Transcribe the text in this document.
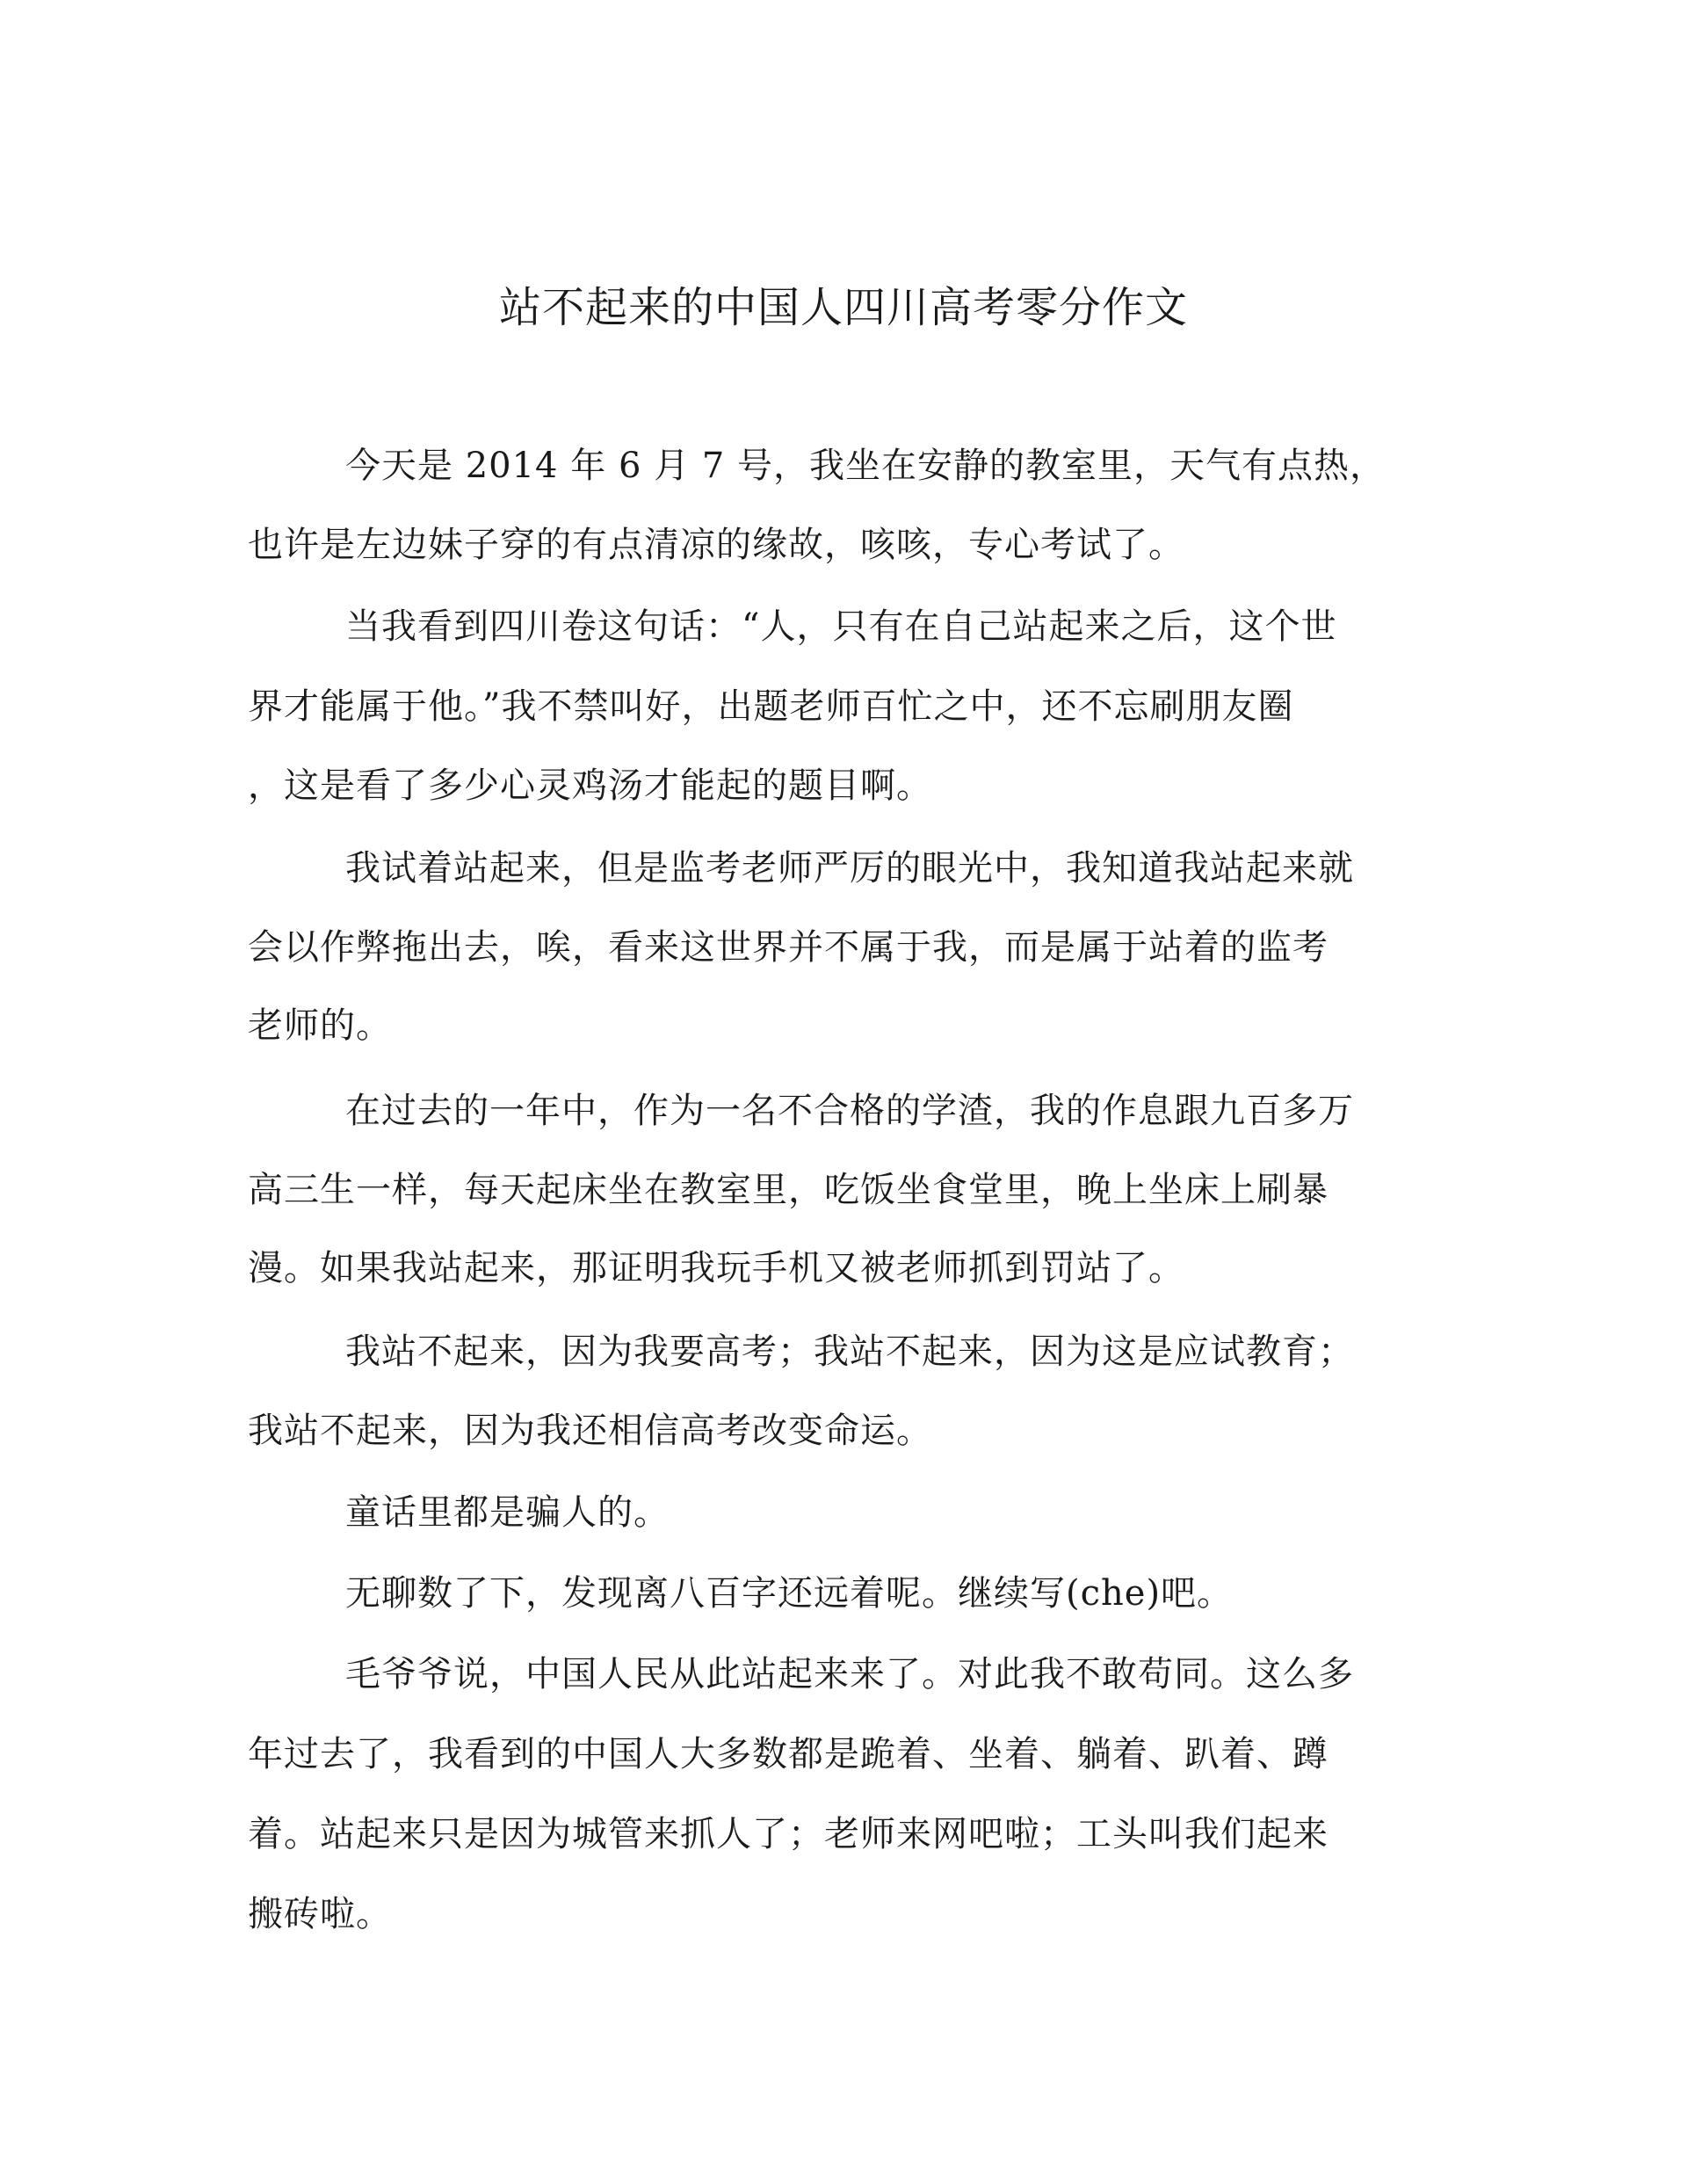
站不起来的中国人四川高考零分作文
今天是 2014 年 6 月 7 号，我坐在安静的教室里，天气有点热，
也许是左边妹子穿的有点清凉的缘故，咳咳，专心考试了。
当我看到四川卷这句话：“人，只有在自己站起来之后，这个世
界才能属于他。”我不禁叫好，出题老师百忙之中，还不忘刷朋友圈
，这是看了多少心灵鸡汤才能起的题目啊。
我试着站起来，但是监考老师严厉的眼光中，我知道我站起来就
会以作弊拖出去，唉，看来这世界并不属于我，而是属于站着的监考
老师的。
在过去的一年中，作为一名不合格的学渣，我的作息跟九百多万
高三生一样，每天起床坐在教室里，吃饭坐食堂里，晚上坐床上刷暴
漫。如果我站起来，那证明我玩手机又被老师抓到罚站了。
我站不起来，因为我要高考；我站不起来，因为这是应试教育；
我站不起来，因为我还相信高考改变命运。
童话里都是骗人的。
无聊数了下，发现离八百字还远着呢。继续写(che)吧。
毛爷爷说，中国人民从此站起来来了。对此我不敢苟同。这么多
年过去了，我看到的中国人大多数都是跪着、坐着、躺着、趴着、蹲
着。站起来只是因为城管来抓人了；老师来网吧啦；工头叫我们起来
搬砖啦。
